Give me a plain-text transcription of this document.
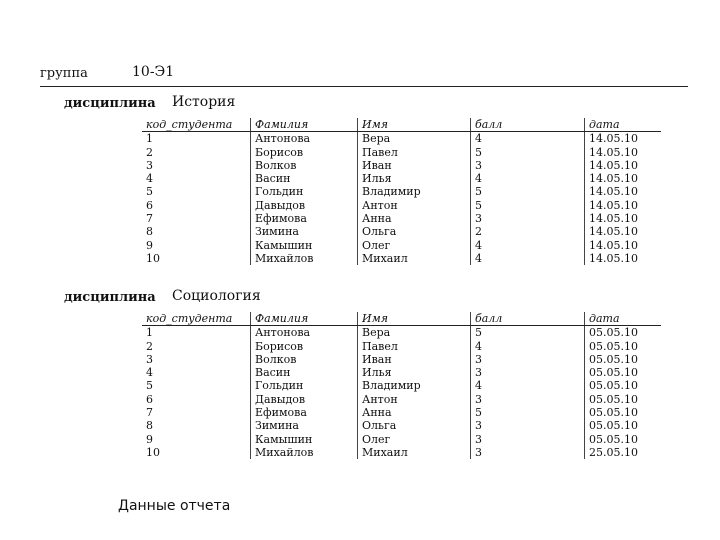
группа	10-Э1
дисциплина История
код_студента	Фамилия	Имя	балл	дата
1	Антонова	Вера	4	14.05.10
2	Борисов	Павел	5	14.05.10
3	Волков	Иван	3	14.05.10
4	Васин	Илья	4	14.05.10
5	Гольдин	Владимир	5	14.05.10
6	Давыдов	Антон	5	14.05.10
7	Ефимова	Анна	3	14.05.10
8	Зимина	Ольга	2	14.05.10
9	Камышин	Олег	4	14.05.10
10	Михайлов	Михаил	4	14.05.10
дисциплина Социология
код_студента	Фамилия	Имя	балл	дата
1	Антонова	Вера	5	05.05.10
2	Борисов	Павел	4	05.05.10
3	Волков	Иван	3	05.05.10
4	Васин	Илья	3	05.05.10
5	Гольдин	Владимир	4	05.05.10
6	Давыдов	Антон	3	05.05.10
7	Ефимова	Анна	5	05.05.10
8	Зимина	Ольга	3	05.05.10
9	Камышин	Олег	3	05.05.10
10	Михайлов	Михаил	3	25.05.10
Данные отчета
